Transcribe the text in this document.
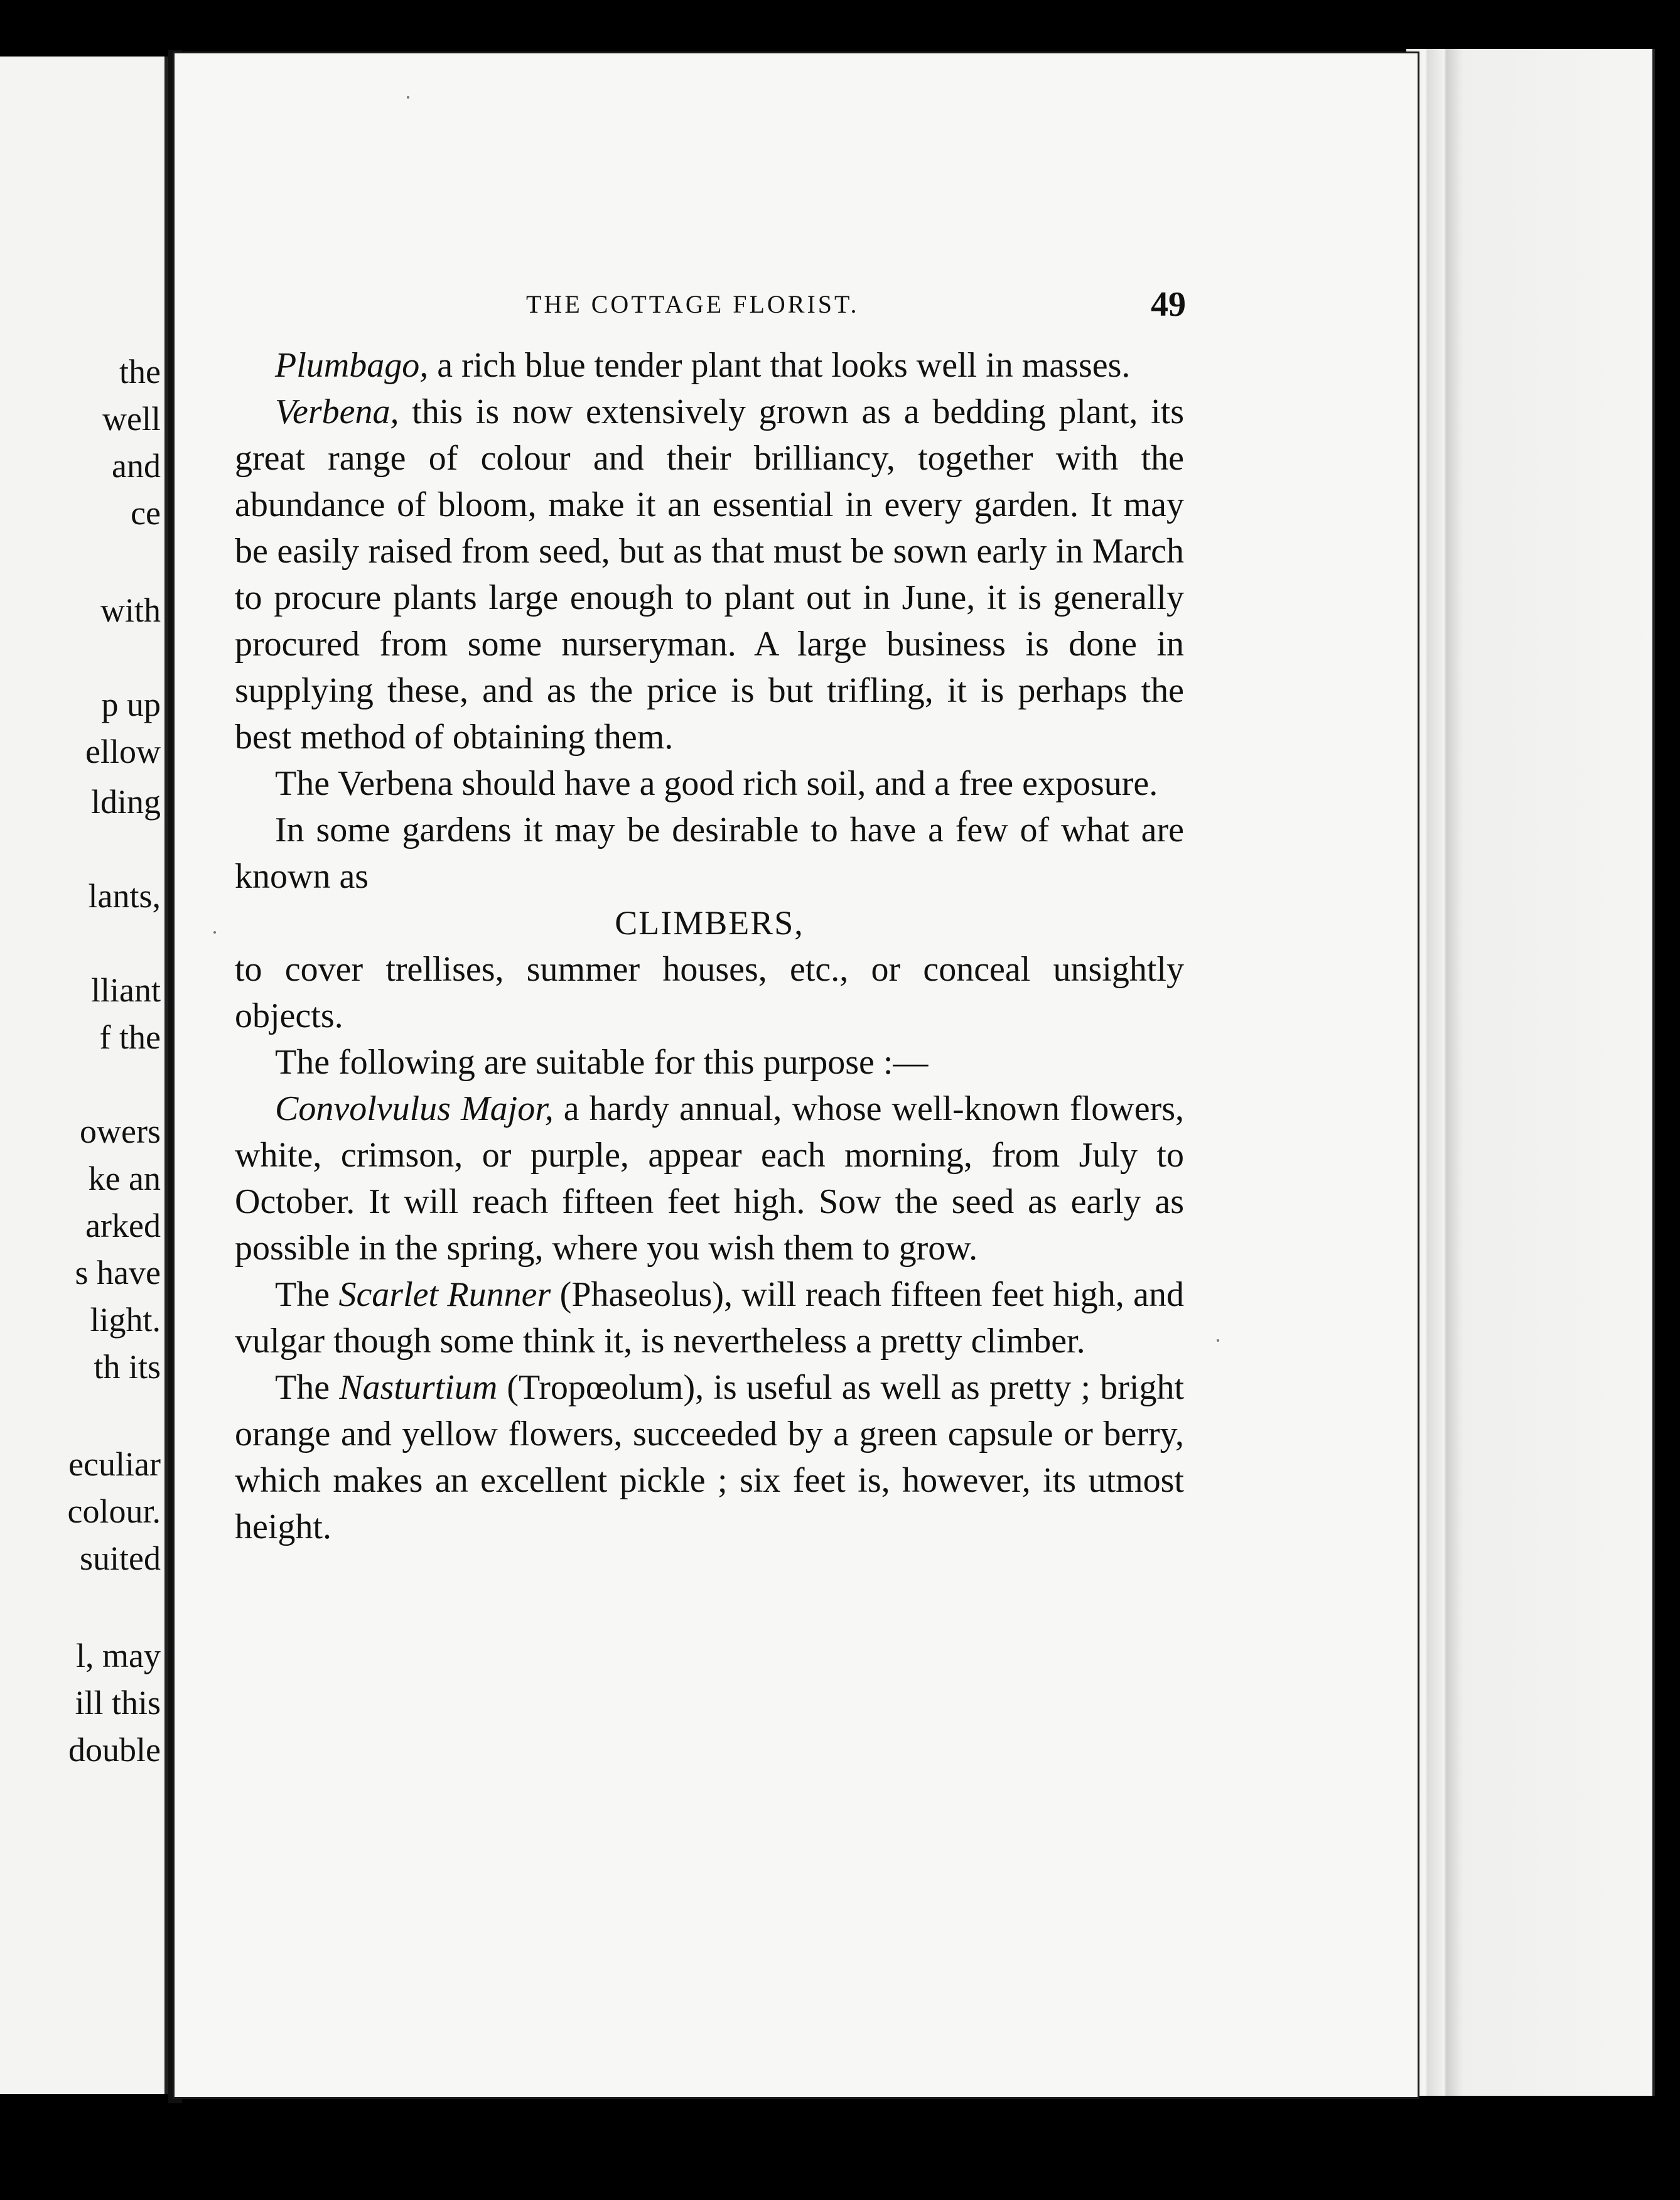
the
well
and
ce
with
p up
ellow
lding
lants,
lliant
f the
owers
ke an
arked
s have
light.
th its
eculiar
colour.
suited
l, may
ill this
double
THE COTTAGE FLORIST.	49

Plumbago, a rich blue tender plant that looks well in masses.

Verbena, this is now extensively grown as a bedding plant, its great range of colour and their brilliancy, together with the abundance of bloom, make it an essential in every garden. It may be easily raised from seed, but as that must be sown early in March to procure plants large enough to plant out in June, it is generally procured from some nurseryman. A large business is done in supplying these, and as the price is but trifling, it is perhaps the best method of obtaining them.

The Verbena should have a good rich soil, and a free exposure.

In some gardens it may be desirable to have a few of what are known as

CLIMBERS,

to cover trellises, summer houses, etc., or conceal unsightly objects.

The following are suitable for this purpose :—

Convolvulus Major, a hardy annual, whose well-known flowers, white, crimson, or purple, appear each morning, from July to October. It will reach fifteen feet high. Sow the seed as early as possible in the spring, where you wish them to grow.

The Scarlet Runner (Phaseolus), will reach fifteen feet high, and vulgar though some think it, is nevertheless a pretty climber.

The Nasturtium (Tropœolum), is useful as well as pretty ; bright orange and yellow flowers, succeeded by a green capsule or berry, which makes an excellent pickle ; six feet is, however, its utmost height.
